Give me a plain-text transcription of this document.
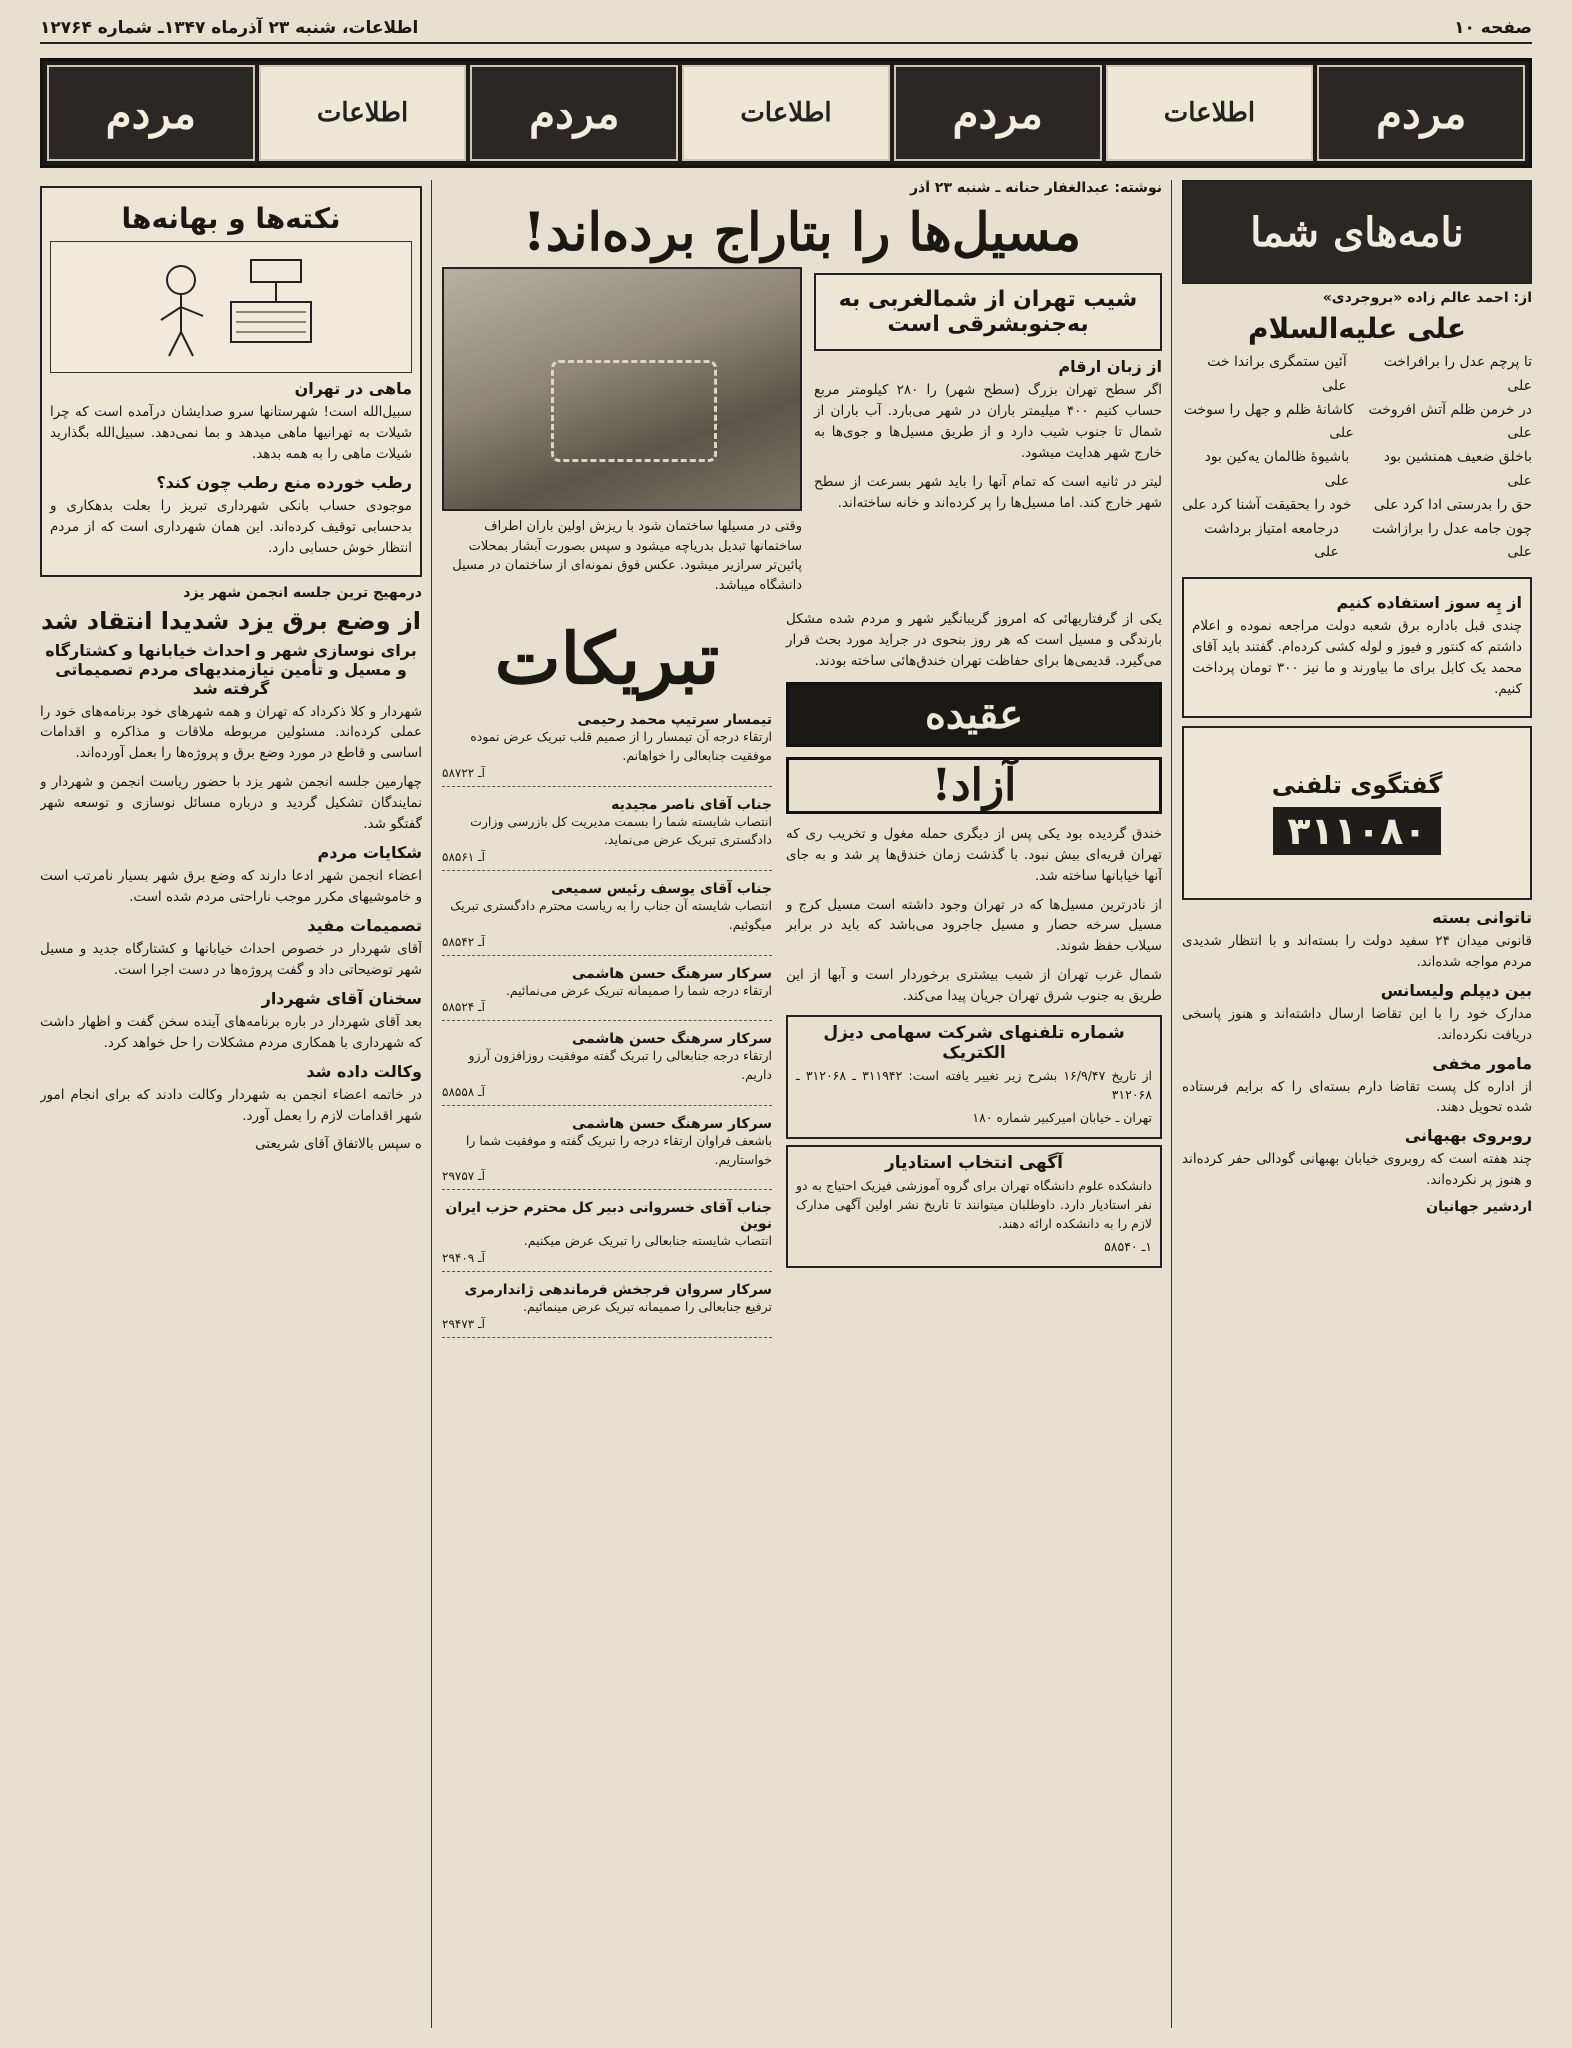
صفحه ۱۰
اطلاعات، شنبه ۲۳ آذرماه ۱۳۴۷ـ شماره ۱۲۷۶۴
مردم
اطلاعات
مردم
اطلاعات
مردم
اطلاعات
مردم
نامه‌های شما
از: احمد عالم زاده «بروجردی»
علی علیه‌السلام
تا پرچم عدل را برافراخت علی
آئین ستمگری براندا خت علی
در خرمن ظلم آتش افروخت علی
کاشانهٔ ظلم و جهل را سوخت علی
باخلق ضعیف همنشین بود علی
باشیوهٔ ظالمان یه‌کین بود علی
حق را بدرستی ادا کرد علی
خود را بحقیقت آشنا کرد علی
چون جامه عدل را برازاشت علی
درجامعه امتیاز برداشت علی
از پِه سوز استفاده کنیم

چندی قبل باداره برق شعبه دولت مراجعه نموده و اعلام داشتم که کنتور و فیوز و لوله کشی کرده‌ام. گفتند باید آقای محمد یک کابل برای ما بیاورند و ما نیز ۳۰۰ تومان پرداخت کنیم.

گفتگوی تلفنی
۳۱۱۰۸۰
تاتوانی بسته

قانونی میدان ۲۴ سفید دولت را بسته‌اند و با انتظار شدیدی مردم مواجه شده‌اند.

بین دیپلم ولیسانس

مدارک خود را با این تقاضا ارسال داشته‌اند و هنوز پاسخی دریافت نکرده‌اند.

مامور مخفی

از اداره کل پست تقاضا دارم بسته‌ای را که برایم فرستاده شده تحویل دهند.

روبروی بهبهانی

چند هفته است که روبروی خیابان بهبهانی گودالی حفر کرده‌اند و هنوز پر نکرده‌اند.

اردشیر جهانیان
نوشته: عبدالغفار حنانه ـ شنبه ۲۳ آذر
مسیل‌ها را بتاراج برده‌اند!
شیب تهران از شمالغربی به به‌جنوبشرقی است
از زبان ارقام

اگر سطح تهران بزرگ (سطح شهر) را ۲۸۰ کیلومتر مربع حساب کنیم ۴۰۰ میلیمتر باران در شهر می‌بارد. آب باران از شمال تا جنوب شیب دارد و از طریق مسیل‌ها و جوی‌ها به خارج شهر هدایت میشود.

لیتر در ثانیه است که تمام آنها را باید شهر بسرعت از سطح شهر خارج کند. اما مسیل‌ها را پر کرده‌اند و خانه ساخته‌اند.

وقتی در مسیلها ساختمان شود با ریزش اولین باران اطراف ساختمانها تبدیل بدریاچه میشود و سپس بصورت آبشار بمحلات پائین‌تر سرازیر میشود. عکس فوق نمونه‌ای از ساختمان در مسیل دانشگاه میباشد.

یکی از گرفتاریهائی که امروز گریبانگیر شهر و مردم شده مشکل بارندگی و مسیل است که هر روز بنحوی در جراید مورد بحث قرار می‌گیرد. قدیمی‌ها برای حفاظت تهران خندق‌هائی ساخته بودند.

عقیده
آزاد!

خندق گردیده بود یکی پس از دیگری حمله مغول و تخریب ری که تهران قریه‌ای بیش نبود. با گذشت زمان خندق‌ها پر شد و به جای آنها خیابانها ساخته شد.

از نادرترین مسیل‌ها که در تهران وجود داشته است مسیل کرج و مسیل سرخه حصار و مسیل جاجرود می‌باشد که باید در برابر سیلاب حفظ شوند.

شمال غرب تهران از شیب بیشتری برخوردار است و آبها از این طریق به جنوب شرق تهران جریان پیدا می‌کند.

شماره تلفنهای شرکت سهامی دیزل الکتریک

از تاریخ ۱۶/۹/۴۷ بشرح زیر تغییر یافته است: ۳۱۱۹۴۲ ـ ۳۱۲۰۶۸ ـ ۳۱۲۰۶۸

تهران ـ خیابان امیرکبیر شماره ۱۸۰

آگهی انتخاب استادیار

دانشکده علوم دانشگاه تهران برای گروه آموزشی فیزیک احتیاج به دو نفر استادیار دارد. داوطلبان میتوانند تا تاریخ نشر اولین آگهی مدارک لازم را به دانشکده ارائه دهند.

۱ـ ۵۸۵۴۰

تبریکات
تیمسار سرتیپ محمد رحیمی
ارتقاء درجه آن تیمسار را از صمیم قلب تبریک عرض نموده موفقیت جنابعالی را خواهانم.
آ‌ـ ۵۸۷۲۲
جناب آقای ناصر مجیدیه
انتصاب شایسته شما را بسمت مدیریت کل بازرسی وزارت دادگستری تبریک عرض می‌نماید.
آ‌ـ ۵۸۵۶۱
جناب آقای یوسف رئیس سمیعی
انتصاب شایسته آن جناب را به ریاست محترم دادگستری تبریک میگوئیم.
آ‌ـ ۵۸۵۴۲
سرکار سرهنگ حسن هاشمی
ارتقاء درجه شما را صمیمانه تبریک عرض می‌نمائیم.
آ‌ـ ۵۸۵۲۴
سرکار سرهنگ حسن هاشمی
ارتقاء درجه جنابعالی را تبریک گفته موفقیت روزافزون آرزو داریم.
آ‌ـ ۵۸۵۵۸
سرکار سرهنگ حسن هاشمی
باشعف فراوان ارتقاء درجه را تبریک گفته و موفقیت شما را خواستاریم.
آ‌ـ ۲۹۷۵۷
جناب آقای خسروانی دبیر کل محترم حزب ایران نوین
انتصاب شایسته جنابعالی را تبریک عرض میکنیم.
آ‌ـ ۲۹۴۰۹
سرکار سروان فرجخش فرماندهی ژاندارمری
ترفیع جنابعالی را صمیمانه تبریک عرض مینمائیم.
آ‌ـ ۲۹۴۷۳
نکته‌ها و بهانه‌ها
ماهی در تهران

سبیل‌الله است! شهرستانها سرو صدایشان درآمده است که چرا شیلات به تهرانیها ماهی میدهد و بما نمی‌دهد. سبیل‌الله بگذارید شیلات ماهی را به همه بدهد.

رطب خورده منع رطب چون کند؟

موجودی حساب بانکی شهرداری تبریز را بعلت بدهکاری و بدحسابی توقیف کرده‌اند. این همان شهرداری است که از مردم انتظار خوش حسابی دارد.

درمهیج ترین جلسه انجمن شهر یزد
از وضع برق یزد شدیدا انتقاد شد
برای نوسازی شهر و احداث خیابانها و کشتارگاه و مسیل و تأمین نیازمندیهای مردم تصمیماتی گرفته شد

شهردار و کلا ذکرداد که تهران و همه شهرهای خود برنامه‌های خود را عملی کرده‌اند. مسئولین مربوطه ملاقات و مذاکره و اقدامات اساسی و قاطع در مورد وضع برق و پروژه‌ها را بعمل آورده‌اند.

چهارمین جلسه انجمن شهر یزد با حضور ریاست انجمن و شهردار و نمایندگان تشکیل گردید و درباره مسائل نوسازی و توسعه شهر گفتگو شد.

شکایات مردم

اعضاء انجمن شهر ادعا دارند که وضع برق شهر بسیار نامرتب است و خاموشیهای مکرر موجب ناراحتی مردم شده است.

تصمیمات مفید

آقای شهردار در خصوص احداث خیابانها و کشتارگاه جدید و مسیل شهر توضیحاتی داد و گفت پروژه‌ها در دست اجرا است.

سخنان آقای شهردار

بعد آقای شهردار در باره برنامه‌های آینده سخن گفت و اظهار داشت که شهرداری با همکاری مردم مشکلات را حل خواهد کرد.

وکالت داده شد

در خاتمه اعضاء انجمن به شهردار وکالت دادند که برای انجام امور شهر اقدامات لازم را بعمل آورد.

ه سپس بالاتفاق آقای شریعتی
